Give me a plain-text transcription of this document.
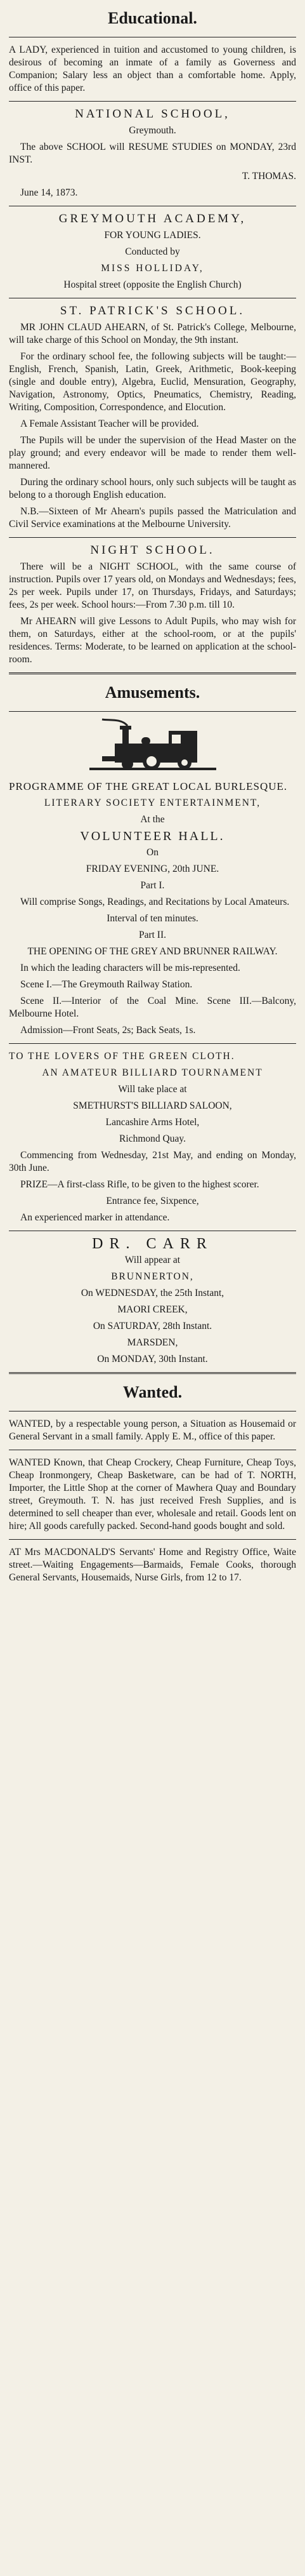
Educational.

A LADY, experienced in tuition and accustomed to young children, is desirous of becoming an inmate of a family as Governess and Companion; Salary less an object than a comfortable home. Apply, office of this paper.

NATIONAL SCHOOL,

Greymouth.

The above SCHOOL will RESUME STUDIES on MONDAY, 23rd INST.

T. THOMAS.

June 14, 1873.

GREYMOUTH ACADEMY,

FOR YOUNG LADIES.

Conducted by

MISS HOLLIDAY,

Hospital street (opposite the English Church)

ST. PATRICK'S SCHOOL.

MR JOHN CLAUD AHEARN, of St. Patrick's College, Melbourne, will take charge of this School on Monday, the 9th instant.

For the ordinary school fee, the following subjects will be taught:—English, French, Spanish, Latin, Greek, Arithmetic, Book-keeping (single and double entry), Algebra, Euclid, Mensuration, Geography, Navigation, Astronomy, Optics, Pneumatics, Chemistry, Reading, Writing, Composition, Correspondence, and Elocution.

A Female Assistant Teacher will be provided.

The Pupils will be under the supervision of the Head Master on the play ground; and every endeavor will be made to render them well-mannered.

During the ordinary school hours, only such subjects will be taught as belong to a thorough English education.

N.B.—Sixteen of Mr Ahearn's pupils passed the Matriculation and Civil Service examinations at the Melbourne University.

NIGHT SCHOOL.

There will be a NIGHT SCHOOL, with the same course of instruction. Pupils over 17 years old, on Mondays and Wednesdays; fees, 2s per week. Pupils under 17, on Thursdays, Fridays, and Saturdays; fees, 2s per week. School hours:—From 7.30 p.m. till 10.

Mr AHEARN will give Lessons to Adult Pupils, who may wish for them, on Saturdays, either at the school-room, or at the pupils' residences. Terms: Moderate, to be learned on application at the school-room.

Amusements.

PROGRAMME OF THE GREAT LOCAL BURLESQUE.

LITERARY SOCIETY ENTERTAINMENT,

At the

VOLUNTEER HALL.

On

FRIDAY EVENING, 20th JUNE.

Part I.

Will comprise Songs, Readings, and Recitations by Local Amateurs.

Interval of ten minutes.

Part II.

THE OPENING OF THE GREY AND BRUNNER RAILWAY.

In which the leading characters will be mis-represented.

Scene I.—The Greymouth Railway Station.

Scene II.—Interior of the Coal Mine. Scene III.—Balcony, Melbourne Hotel.

Admission—Front Seats, 2s; Back Seats, 1s.

TO THE LOVERS OF THE GREEN CLOTH.

AN AMATEUR BILLIARD TOURNAMENT

Will take place at

SMETHURST'S BILLIARD SALOON,

Lancashire Arms Hotel,

Richmond Quay.

Commencing from Wednesday, 21st May, and ending on Monday, 30th June.

PRIZE—A first-class Rifle, to be given to the highest scorer.

Entrance fee, Sixpence,

An experienced marker in attendance.

DR. CARR

Will appear at

BRUNNERTON,

On WEDNESDAY, the 25th Instant,

MAORI CREEK,

On SATURDAY, 28th Instant.

MARSDEN,

On MONDAY, 30th Instant.

Wanted.

WANTED, by a respectable young person, a Situation as Housemaid or General Servant in a small family. Apply E. M., office of this paper.

WANTED Known, that Cheap Crockery, Cheap Furniture, Cheap Toys, Cheap Ironmongery, Cheap Basketware, can be had of T. NORTH, Importer, the Little Shop at the corner of Mawhera Quay and Boundary street, Greymouth. T. N. has just received Fresh Supplies, and is determined to sell cheaper than ever, wholesale and retail. Goods lent on hire; All goods carefully packed. Second-hand goods bought and sold.

AT Mrs MACDONALD'S Servants' Home and Registry Office, Waite street.—Waiting Engagements—Barmaids, Female Cooks, thorough General Servants, Housemaids, Nurse Girls, from 12 to 17.
